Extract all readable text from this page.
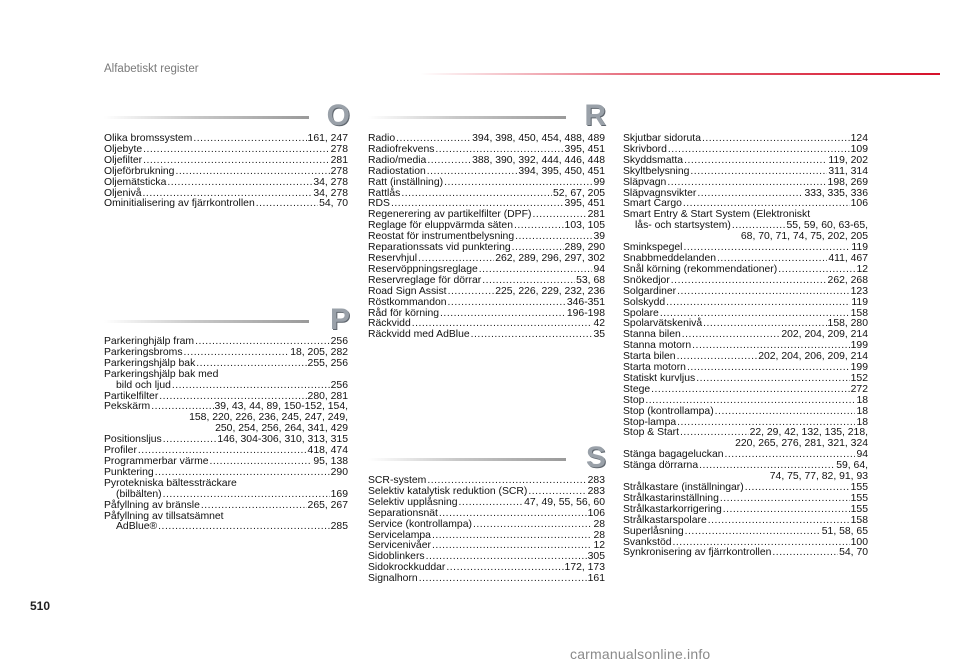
Alfabetiskt register
O
Olika bromssystem .....	161, 247
Oljebyte .....	278
Oljefilter .....	281
Oljeförbrukning .....	278
Oljemätsticka .....	34, 278
Oljenivå .....	34, 278
Ominitialisering av fjärrkontrollen .....	54, 70
P
Parkeringhjälp fram .....	256
Parkeringsbroms .....	18, 205, 282
Parkeringshjälp bak .....	255, 256
Parkeringshjälp bak med
bild och ljud .....	256
Partikelfilter .....	280, 281
Pekskärm .....	39, 43, 44, 89, 150-152, 154,
158, 220, 226, 236, 245, 247, 249,
250, 254, 256, 264, 341, 429
Positionsljus .....	146, 304-306, 310, 313, 315
Profiler .....	418, 474
Programmerbar värme .....	95, 138
Punktering .....	290
Pyrotekniska bältessträckare
(bilbälten) .....	169
Påfyllning av bränsle .....	265, 267
Påfyllning av tillsatsämnet
AdBlue® .....	285
R
Radio .....	394, 398, 450, 454, 488, 489
Radiofrekvens .....	395, 451
Radio/media .....	388, 390, 392, 444, 446, 448
Radiostation .....	394, 395, 450, 451
Ratt (inställning) .....	99
Rattlås .....	52, 67, 205
RDS .....	395, 451
Regenerering av partikelfilter (DPF) .....	281
Reglage för eluppvärmda säten .....	103, 105
Reostat för instrumentbelysning .....	39
Reparationssats vid punktering .....	289, 290
Reservhjul .....	262, 289, 296, 297, 302
Reservöppningsreglage .....	94
Reservreglage för dörrar .....	53, 68
Road Sign Assist .....	225, 226, 229, 232, 236
Röstkommandon .....	346-351
Råd för körning .....	196-198
Räckvidd .....	42
Räckvidd med AdBlue .....	35
S
SCR-system .....	283
Selektiv katalytisk reduktion (SCR) .....	283
Selektiv upplåsning .....	47, 49, 55, 56, 60
Separationsnät .....	106
Service (kontrollampa) .....	28
Servicelampa .....	28
Servicenivåer .....	12
Sidoblinkers .....	305
Sidokrockkuddar .....	172, 173
Signalhorn .....	161
Skjutbar sidoruta .....	124
Skrivbord .....	109
Skyddsmatta .....	119, 202
Skyltbelysning .....	311, 314
Släpvagn .....	198, 269
Släpvagnsvikter .....	333, 335, 336
Smart Cargo .....	106
Smart Entry & Start System (Elektroniskt
lås- och startsystem) .....	55, 59, 60, 63-65,
68, 70, 71, 74, 75, 202, 205
Sminkspegel .....	119
Snabbmeddelanden .....	411, 467
Snål körning (rekommendationer) .....	12
Snökedjor .....	262, 268
Solgardiner .....	123
Solskydd .....	119
Spolare .....	158
Spolarvätskenivå .....	158, 280
Stanna bilen .....	202, 204, 209, 214
Stanna motorn .....	199
Starta bilen .....	202, 204, 206, 209, 214
Starta motorn .....	199
Statiskt kurvljus .....	152
Stege .....	272
Stop .....	18
Stop (kontrollampa) .....	18
Stop-lampa .....	18
Stop & Start .....	22, 29, 42, 132, 135, 218,
220, 265, 276, 281, 321, 324
Stänga bagageluckan .....	94
Stänga dörrarna .....	59, 64,
74, 75, 77, 82, 91, 93
Strålkastare (inställningar) .....	155
Strålkastarinställning .....	155
Strålkastarkorrigering .....	155
Strålkastarspolare .....	158
Superlåsning .....	51, 58, 65
Svankstöd .....	100
Synkronisering av fjärrkontrollen .....	54, 70
510
carmanualsonline.info
